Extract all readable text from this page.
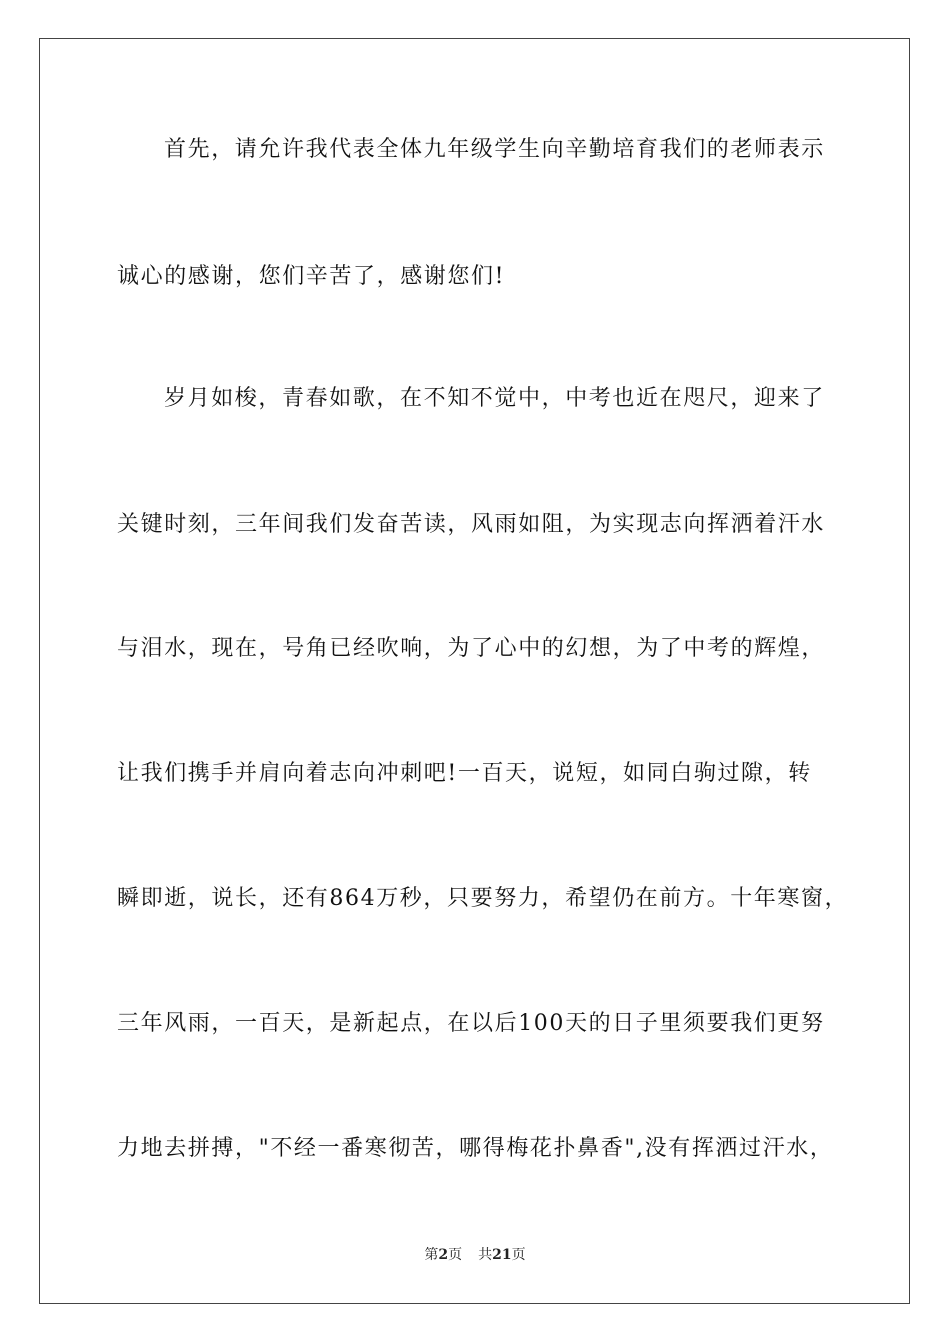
首先，请允许我代表全体九年级学生向辛勤培育我们的老师表示
诚心的感谢，您们辛苦了，感谢您们!
岁月如梭，青春如歌，在不知不觉中，中考也近在咫尺，迎来了
关键时刻，三年间我们发奋苦读，风雨如阻，为实现志向挥洒着汗水
与泪水，现在，号角已经吹响，为了心中的幻想，为了中考的辉煌，
让我们携手并肩向着志向冲刺吧!一百天，说短，如同白驹过隙，转
瞬即逝，说长，还有864万秒，只要努力，希望仍在前方。十年寒窗，
三年风雨，一百天，是新起点，在以后100天的日子里须要我们更努
力地去拼搏，"不经一番寒彻苦，哪得梅花扑鼻香",没有挥洒过汗水，
第2页 共21页
